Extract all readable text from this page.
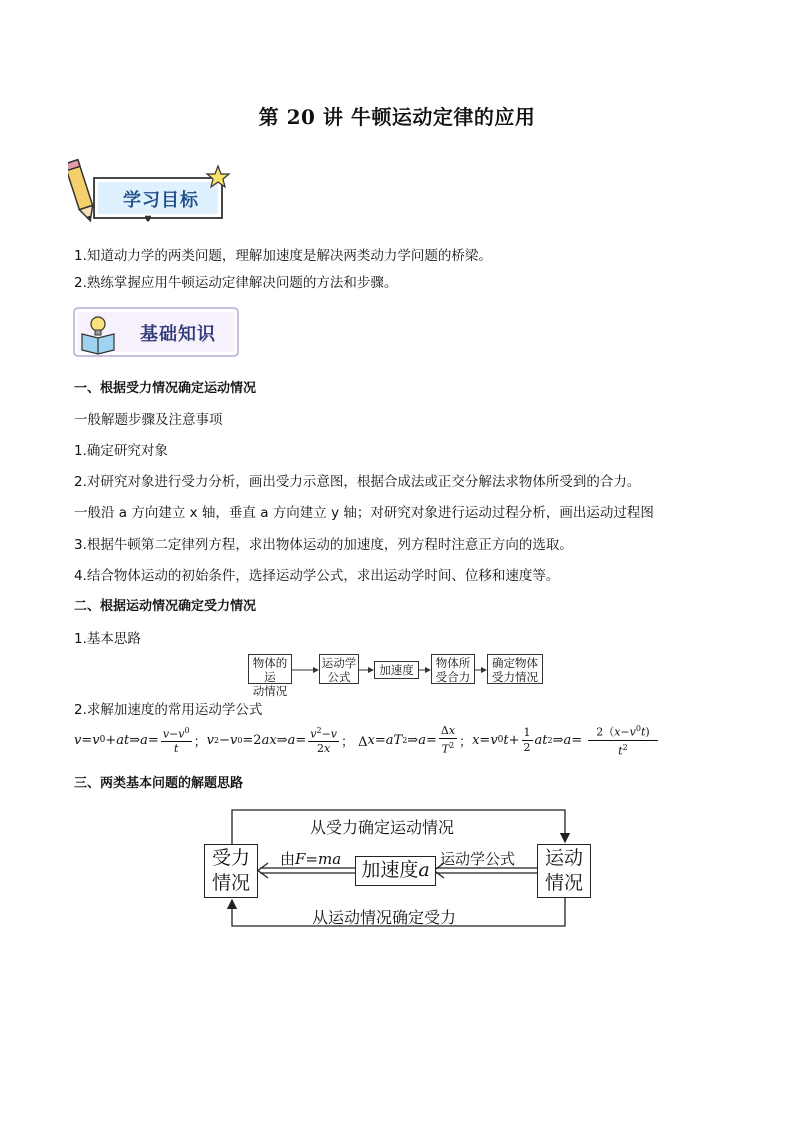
第 20 讲 牛顿运动定律的应用
学习目标
1.知道动力学的两类问题，理解加速度是解决两类动力学问题的桥梁。
2.熟练掌握应用牛顿运动定律解决问题的方法和步骤。
基础知识
一、根据受力情况确定运动情况
一般解题步骤及注意事项
1.确定研究对象
2.对研究对象进行受力分析，画出受力示意图，根据合成法或正交分解法求物体所受到的合力。
一般沿 a 方向建立 x 轴，垂直 a 方向建立 y 轴；对研究对象进行运动过程分析，画出运动过程图
3.根据牛顿第二定律列方程，求出物体运动的加速度，列方程时注意正方向的选取。
4.结合物体运动的初始条件，选择运动学公式，求出运动学时间、位移和速度等。
二、根据运动情况确定受力情况
1.基本思路
物体的运
动情况
运动学
公式	加速度	物体所
受合力
确定物体
受力情况
2.求解加速度的常用运动学公式
v = v 0 + at ⇒ $a = \frac{v-v^0}{t}$ ； v 2 − v 0 =2 ax ⇒ $a = \frac{v^2-v}{2x}$ ； Δ x = aT 2 ⇒ $a = \frac{\Delta x}{T^2}$ ； x = v 0 $t + \frac{1}{2}$ at 2 ⇒ $a = \frac{2(x-v^0t)}{t^2}$
三、两类基本问题的解题思路
受力
情况
加速度a
运动
情况
从受力确定运动情况
从运动情况确定受力
由F=ma	运动学公式
